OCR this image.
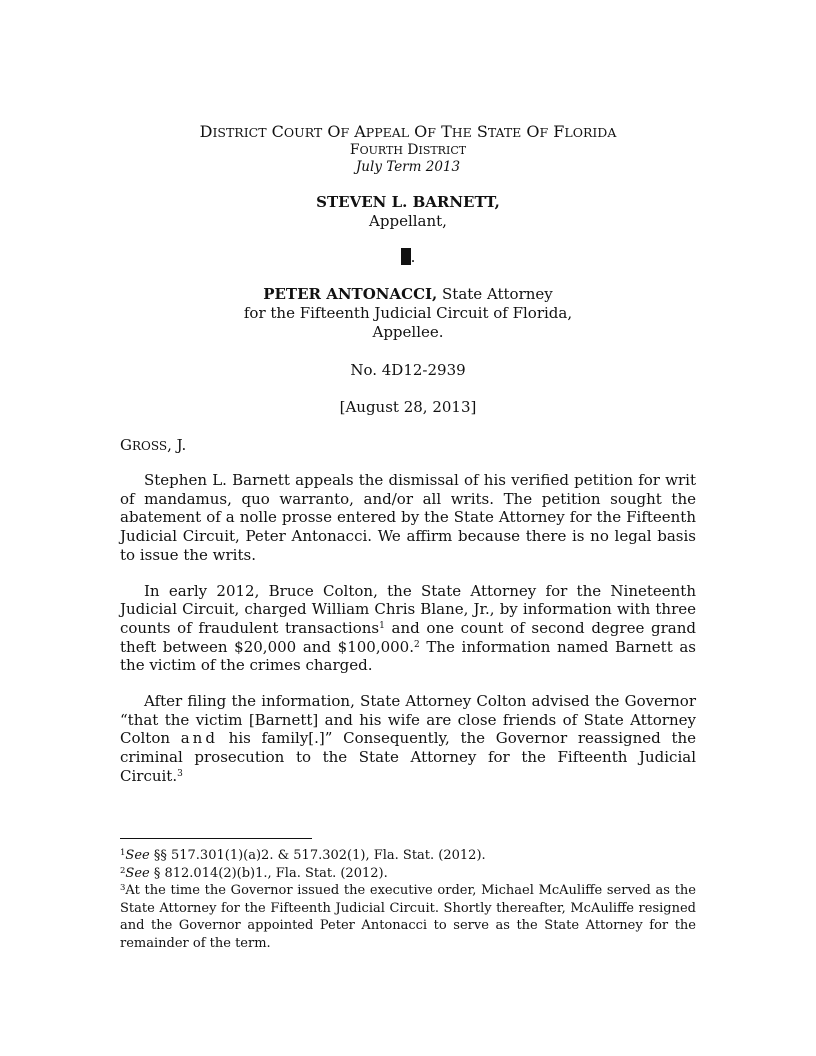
DISTRICT COURT OF APPEAL OF THE STATE OF FLORIDA
FOURTH DISTRICT
July Term 2013
STEVEN L. BARNETT,
Appellant,
.
PETER ANTONACCI, State Attorney
for the Fifteenth Judicial Circuit of Florida,
Appellee.
No. 4D12-2939
[August 28, 2013]
GROSS, J.

Stephen L. Barnett appeals the dismissal of his verified petition for writ of mandamus, quo warranto, and/or all writs. The petition sought the abatement of a nolle prosse entered by the State Attorney for the Fifteenth Judicial Circuit, Peter Antonacci. We affirm because there is no legal basis to issue the writs.

In early 2012, Bruce Colton, the State Attorney for the Nineteenth Judicial Circuit, charged William Chris Blane, Jr., by information with three counts of fraudulent transactions$^1$ and one count of second degree grand theft between $20,000 and $100,000.$^2$ The information named Barnett as the victim of the crimes charged.

After filing the information, State Attorney Colton advised the Governor “that the victim [Barnett] and his wife are close friends of State Attorney Colton and his family[.]” Consequently, the Governor reassigned the criminal prosecution to the State Attorney for the Fifteenth Judicial Circuit.$^3$

$^1$See §§ 517.301(1)(a)2. & 517.302(1), Fla. Stat. (2012).
$^2$See § 812.014(2)(b)1., Fla. Stat. (2012).
$^3$At the time the Governor issued the executive order, Michael McAuliffe served as the State Attorney for the Fifteenth Judicial Circuit. Shortly thereafter, McAuliffe resigned and the Governor appointed Peter Antonacci to serve as the State Attorney for the remainder of the term.
